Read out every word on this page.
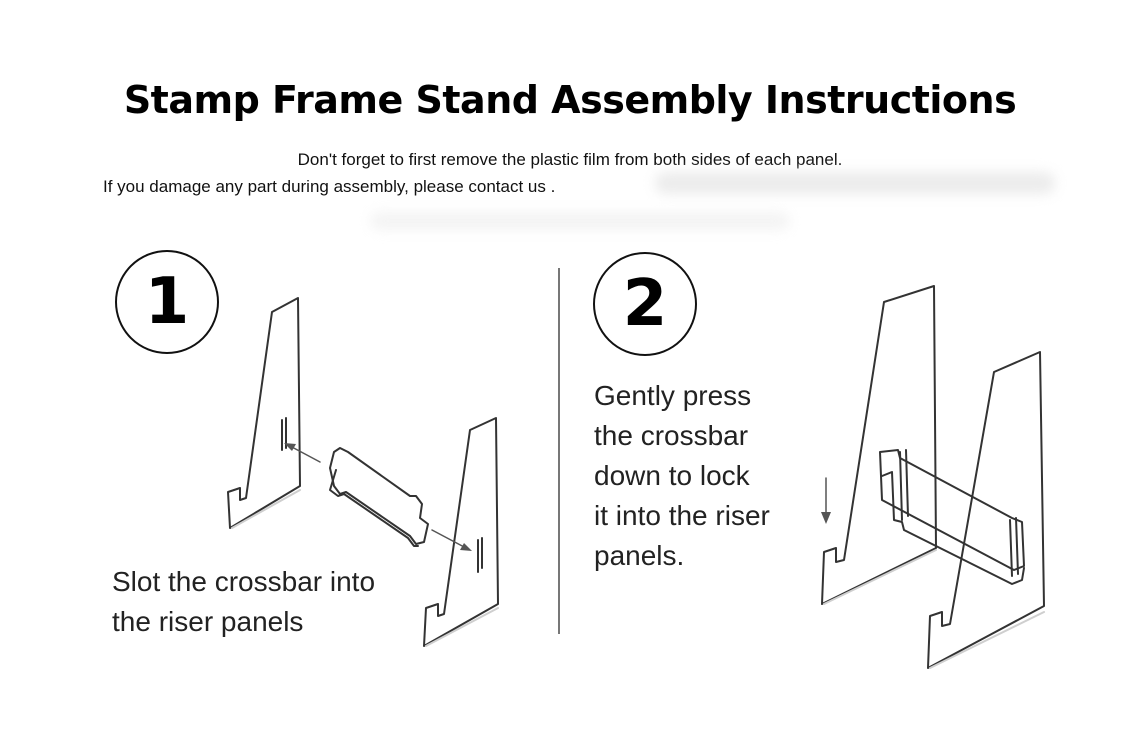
Stamp Frame Stand Assembly Instructions
Don't forget to first remove the plastic film from both sides of each panel.
If you damage any part during assembly, please contact us .
1	2
Slot the crossbar into
the riser panels
Gently press
the crossbar
down to lock
it into the riser
panels.
